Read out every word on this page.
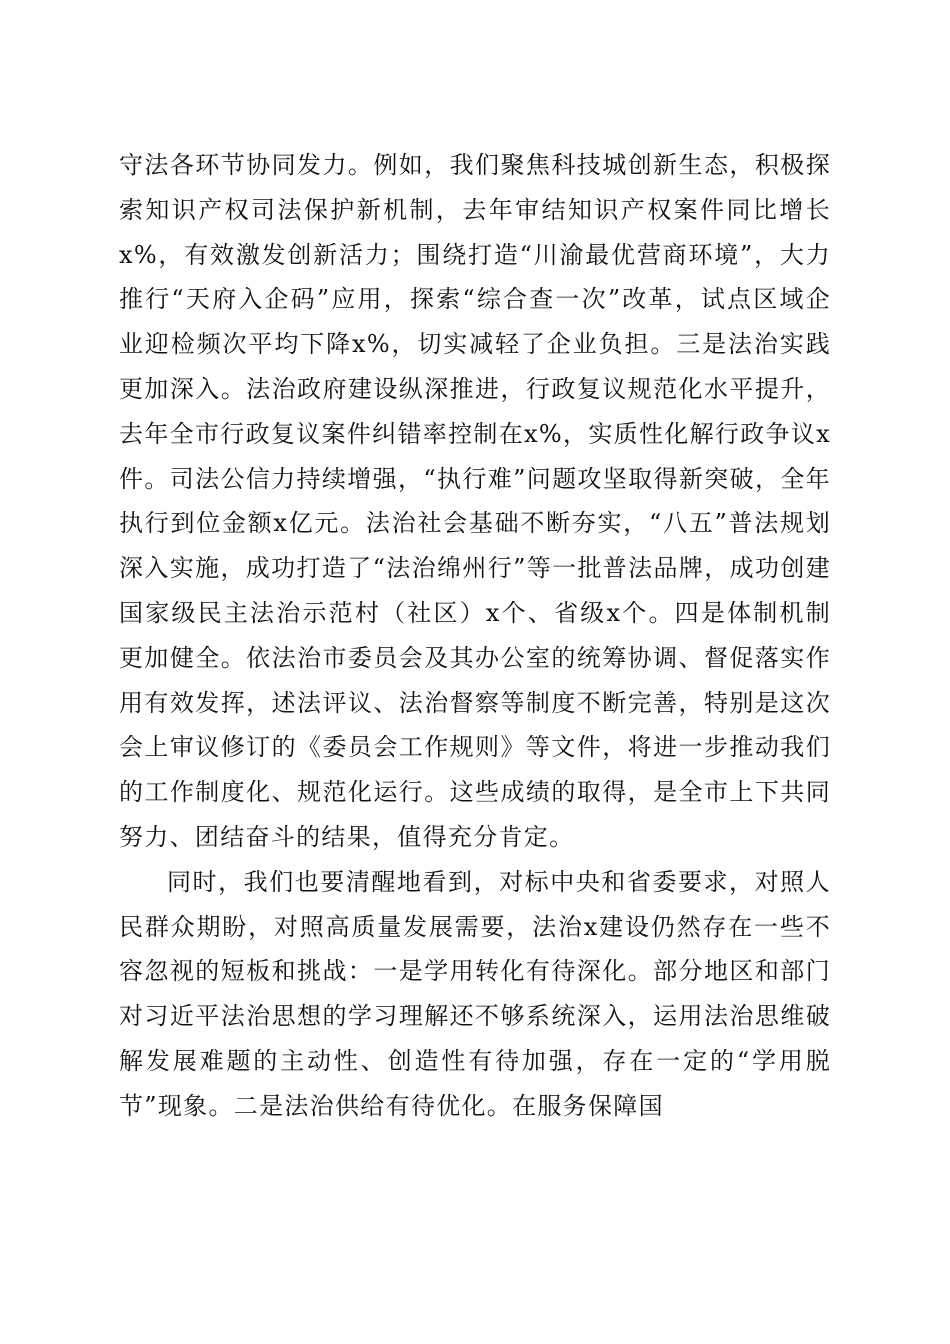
守法各环节协同发力。例如，我们聚焦科技城创新生态，积极探索知识产权司法保护新机制，去年审结知识产权案件同比增长x%，有效激发创新活力；围绕打造“川渝最优营商环境”，大力推行“天府入企码”应用，探索“综合查一次”改革，试点区域企业迎检频次平均下降x%，切实减轻了企业负担。三是法治实践更加深入。法治政府建设纵深推进，行政复议规范化水平提升，去年全市行政复议案件纠错率控制在x%，实质性化解行政争议x件。司法公信力持续增强，“执行难”问题攻坚取得新突破，全年执行到位金额x亿元。法治社会基础不断夯实，“八五”普法规划深入实施，成功打造了“法治绵州行”等一批普法品牌，成功创建国家级民主法治示范村（社区）x个、省级x个。四是体制机制更加健全。依法治市委员会及其办公室的统筹协调、督促落实作用有效发挥，述法评议、法治督察等制度不断完善，特别是这次会上审议修订的《委员会工作规则》等文件，将进一步推动我们的工作制度化、规范化运行。这些成绩的取得，是全市上下共同努力、团结奋斗的结果，值得充分肯定。

同时，我们也要清醒地看到，对标中央和省委要求，对照人民群众期盼，对照高质量发展需要，法治x建设仍然存在一些不容忽视的短板和挑战：一是学用转化有待深化。部分地区和部门对习近平法治思想的学习理解还不够系统深入，运用法治思维破解发展难题的主动性、创造性有待加强，存在一定的“学用脱节”现象。二是法治供给有待优化。在服务保障国
